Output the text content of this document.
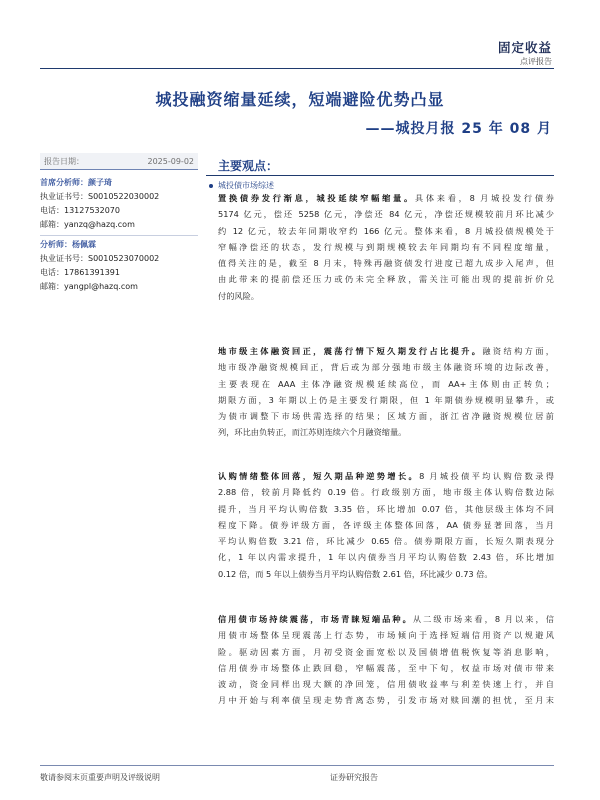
固定收益
点评报告
城投融资缩量延续，短端避险优势凸显
——城投月报 25 年 08 月
报告日期：	2025-09-02
首席分析师：颜子琦
执业证书号：S0010522030002
电话：13127532070
邮箱：yanzq@hazq.com
分析师：杨佩霖
执业证书号：S0010523070002
电话：17861391391
邮箱：yangpl@hazq.com
主要观点：
城投债市场综述
置换债券发行渐息，城投延续窄幅缩量。具体来看，8 月城投发行债券
5174 亿元，偿还 5258 亿元，净偿还 84 亿元，净偿还规模较前月环比减少
约 12 亿元，较去年同期收窄约 166 亿元。整体来看，8 月城投债规模处于
窄幅净偿还的状态，发行规模与到期规模较去年同期均有不同程度缩量，
值得关注的是，截至 8 月末，特殊再融资债发行进度已超九成步入尾声，但
由此带来的提前偿还压力或仍未完全释放，需关注可能出现的提前折价兑
付的风险。
地市级主体融资回正，震荡行情下短久期发行占比提升。融资结构方面，
地市级净融资规模回正，背后或为部分强地市级主体融资环境的边际改善，
主要表现在 AAA 主体净融资规模延续高位，而 AA+主体则由正转负；
期限方面，3 年期以上仍是主要发行期限，但 1 年期债券规模明显攀升，或
为债市调整下市场供需选择的结果；区域方面，浙江省净融资规模位居前
列，环比由负转正，而江苏则连续六个月融资缩量。
认购情绪整体回落，短久期品种逆势增长。8 月城投债平均认购倍数录得
2.88 倍，较前月降低约 0.19 倍。行政级别方面，地市级主体认购倍数边际
提升，当月平均认购倍数 3.35 倍，环比增加 0.07 倍，其他层级主体均不同
程度下降。债券评级方面，各评级主体整体回落，AA 债券显著回落，当月
平均认购倍数 3.21 倍，环比减少 0.65 倍。债券期限方面，长短久期表现分
化，1 年以内需求提升，1 年以内债券当月平均认购倍数 2.43 倍，环比增加
0.12 倍，而 5 年以上债券当月平均认购倍数 2.61 倍，环比减少 0.73 倍。
信用债市场持续震荡，市场青睐短端品种。从二级市场来看，8 月以来，信
用债市场整体呈现震荡上行态势，市场倾向于选择短端信用资产以规避风
险。驱动因素方面，月初受资金面宽松以及国债增值税恢复等消息影响，
信用债券市场整体止跌回稳，窄幅震荡，至中下旬，权益市场对债市带来
波动，资金同样出现大额的净回笼，信用债收益率与利差快速上行，并自
月中开始与利率债呈现走势背离态势，引发市场对赎回潮的担忧，至月末
敬请参阅末页重要声明及评级说明	证券研究报告
